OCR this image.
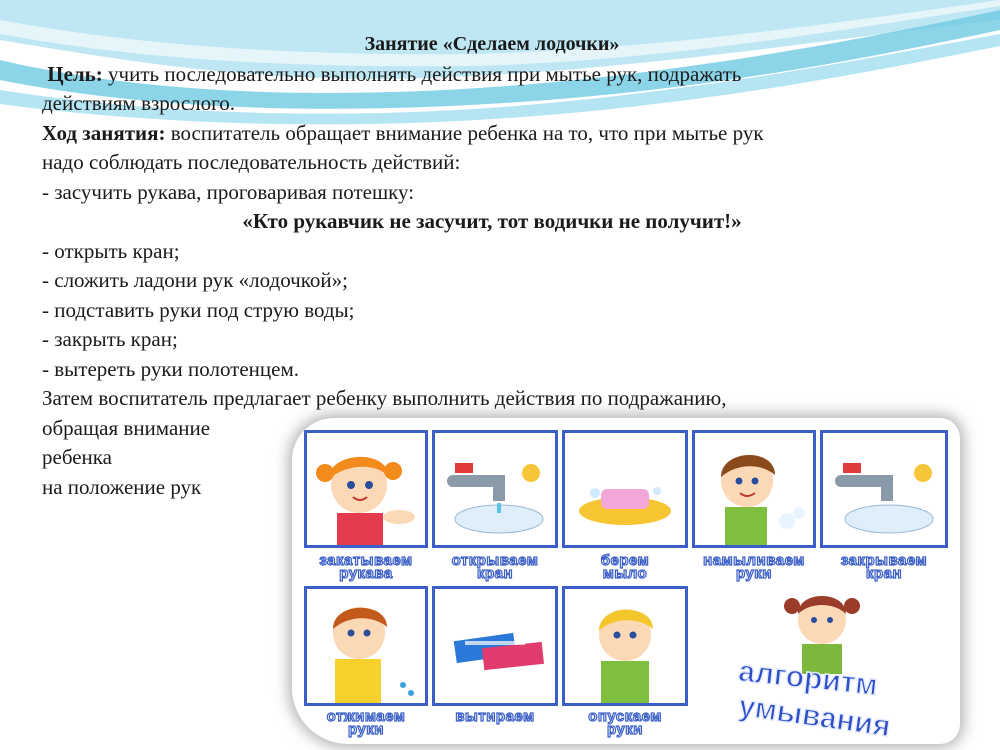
Занятие «Сделаем лодочки»
Цель: учить последовательно выполнять действия при мытье рук, подражать
действиям взрослого.
Ход занятия: воспитатель обращает внимание ребенка на то, что при мытье рук
надо соблюдать последовательность действий:
- засучить рукава, проговаривая потешку:
«Кто рукавчик не засучит, тот водички не получит!»
- открыть кран;
- сложить ладони рук «лодочкой»;
- подставить руки под струю воды;
- закрыть кран;
- вытереть руки полотенцем.
Затем воспитатель предлагает ребенку выполнить действия по подражанию,
обращая внимание
ребенка
на положение рук
закатываем
рукава
открываем
кран
берем
мыло
намыливаем
руки
закрываем
кран
отжимаем
руки
вытираем	опускаем
руки
алгоритм
умывания
